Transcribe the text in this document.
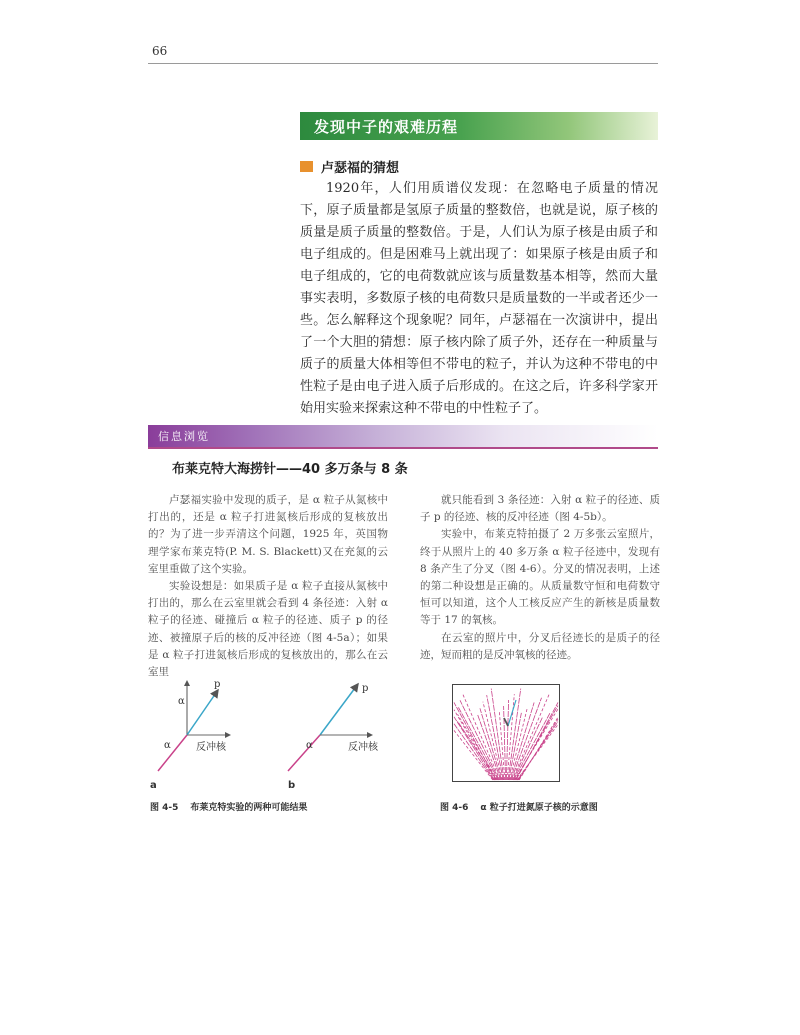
66
发现中子的艰难历程
卢瑟福的猜想

1920年，人们用质谱仪发现：在忽略电子质量的情况下，原子质量都是氢原子质量的整数倍，也就是说，原子核的质量是质子质量的整数倍。于是，人们认为原子核是由质子和电子组成的。但是困难马上就出现了：如果原子核是由质子和电子组成的，它的电荷数就应该与质量数基本相等，然而大量事实表明，多数原子核的电荷数只是质量数的一半或者还少一些。怎么解释这个现象呢？同年，卢瑟福在一次演讲中，提出了一个大胆的猜想：原子核内除了质子外，还存在一种质量与质子的质量大体相等但不带电的粒子，并认为这种不带电的中性粒子是由电子进入质子后形成的。在这之后，许多科学家开始用实验来探索这种不带电的中性粒子了。

信息浏览
布莱克特大海捞针——40 多万条与 8 条

卢瑟福实验中发现的质子，是 α 粒子从氮核中打出的，还是 α 粒子打进氮核后形成的复核放出的？为了进一步弄清这个问题，1925 年，英国物理学家布莱克特(P. M. S. Blackett)又在充氮的云室里重做了这个实验。

实验设想是：如果质子是 α 粒子直接从氮核中打出的，那么在云室里就会看到 4 条径迹：入射 α 粒子的径迹、碰撞后 α 粒子的径迹、质子 p 的径迹、被撞原子后的核的反冲径迹（图 4-5a）；如果是 α 粒子打进氮核后形成的复核放出的，那么在云室里

就只能看到 3 条径迹：入射 α 粒子的径迹、质子 p 的径迹、核的反冲径迹（图 4-5b）。

实验中，布莱克特拍摄了 2 万多张云室照片，终于从照片上的 40 多万条 α 粒子径迹中，发现有 8 条产生了分叉（图 4-6）。分叉的情况表明，上述的第二种设想是正确的。从质量数守恒和电荷数守恒可以知道，这个人工核反应产生的新核是质量数等于 17 的氧核。

在云室的照片中，分叉后径迹长的是质子的径迹，短而粗的是反冲氧核的径迹。

α
α
p
反冲核
a
α
p
反冲核
b
图 4-5 布莱克特实验的两种可能结果	图 4-6 α 粒子打进氮原子核的示意图
